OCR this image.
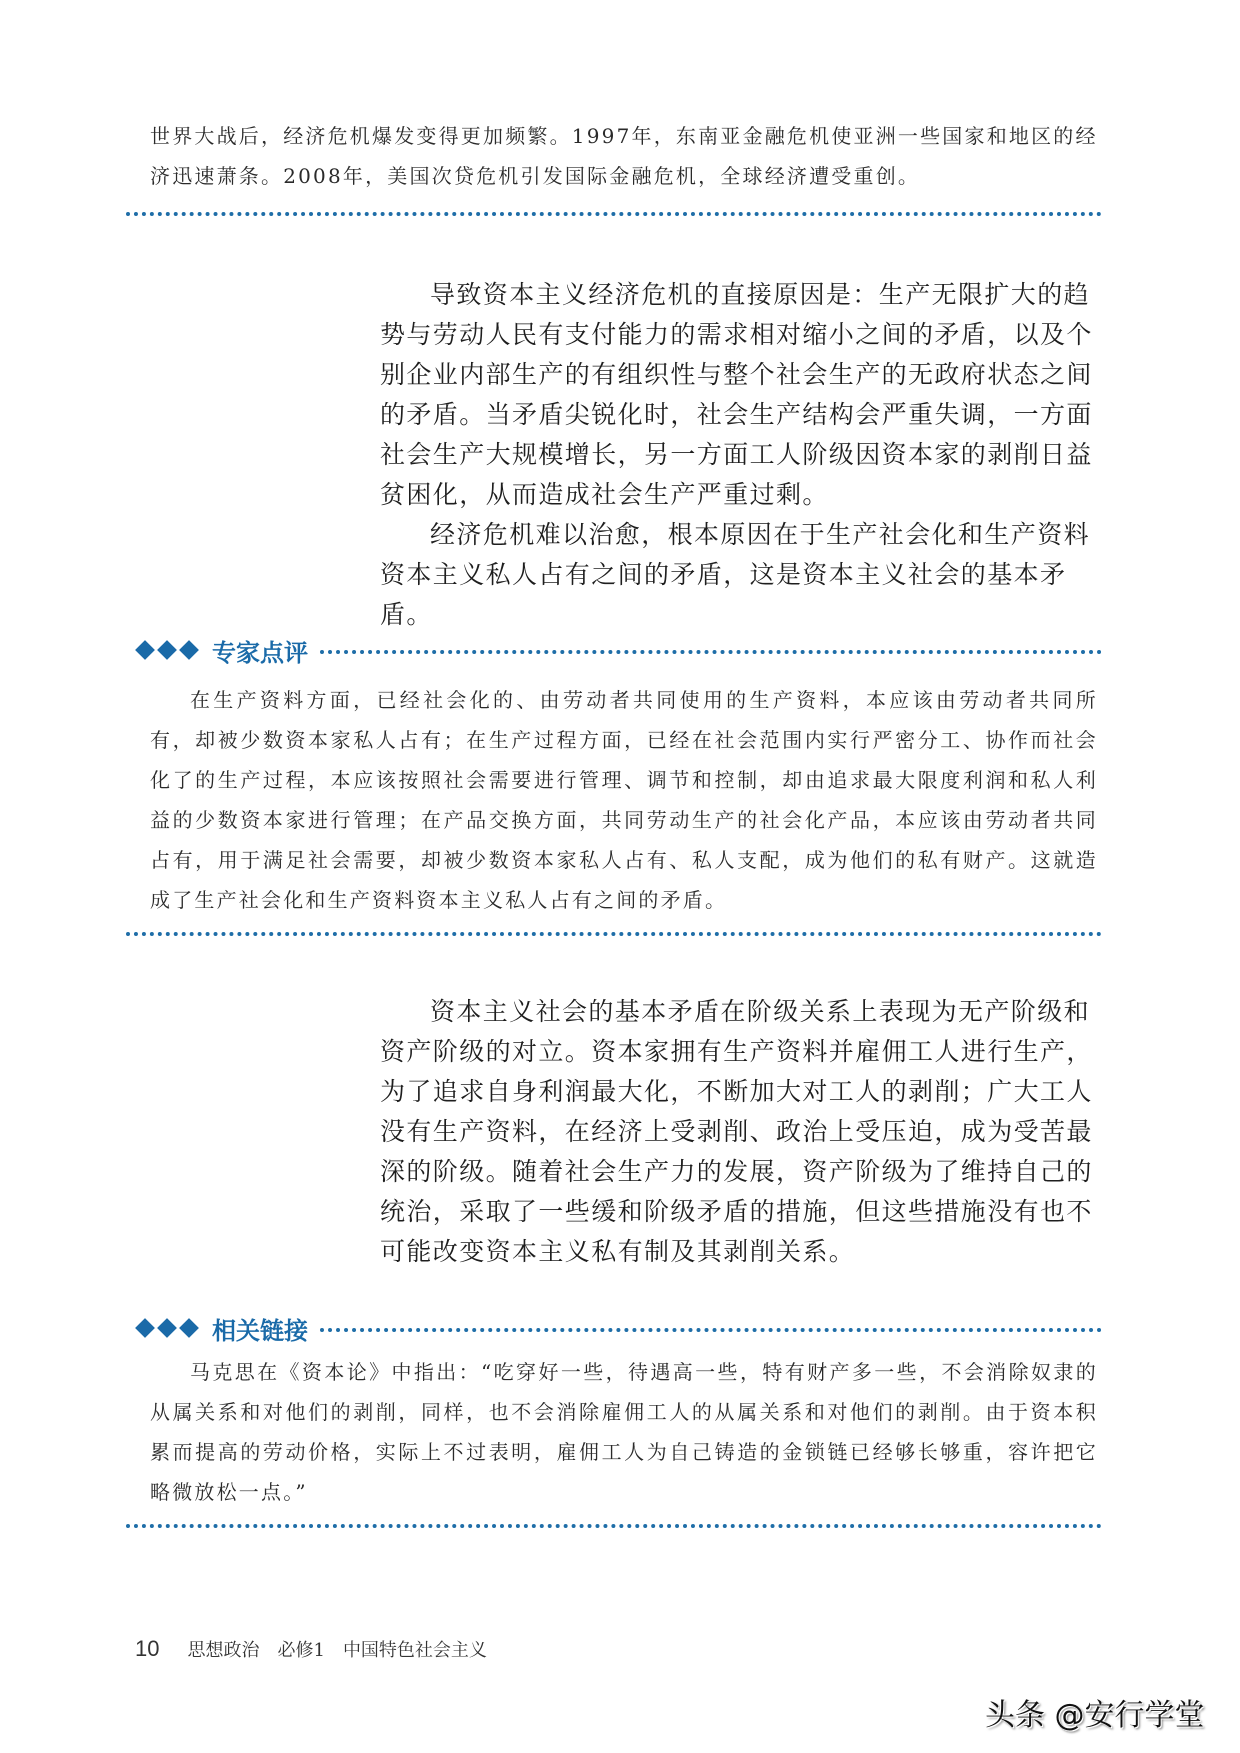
世界大战后，经济危机爆发变得更加频繁。1997年，东南亚金融危机使亚洲一些国家和地区的经
济迅速萧条。2008年，美国次贷危机引发国际金融危机，全球经济遭受重创。

导致资本主义经济危机的直接原因是：生产无限扩大的趋势与劳动人民有支付能力的需求相对缩小之间的矛盾，以及个别企业内部生产的有组织性与整个社会生产的无政府状态之间的矛盾。当矛盾尖锐化时，社会生产结构会严重失调，一方面社会生产大规模增长，另一方面工人阶级因资本家的剥削日益贫困化，从而造成社会生产严重过剩。

经济危机难以治愈，根本原因在于生产社会化和生产资料资本主义私人占有之间的矛盾，这是资本主义社会的基本矛盾。

专家点评
在生产资料方面，已经社会化的、由劳动者共同使用的生产资料，本应该由劳动者共同所有，却被少数资本家私人占有；在生产过程方面，已经在社会范围内实行严密分工、协作而社会化了的生产过程，本应该按照社会需要进行管理、调节和控制，却由追求最大限度利润和私人利益的少数资本家进行管理；在产品交换方面，共同劳动生产的社会化产品，本应该由劳动者共同占有，用于满足社会需要，却被少数资本家私人占有、私人支配，成为他们的私有财产。这就造成了生产社会化和生产资料资本主义私人占有之间的矛盾。

资本主义社会的基本矛盾在阶级关系上表现为无产阶级和资产阶级的对立。资本家拥有生产资料并雇佣工人进行生产，为了追求自身利润最大化，不断加大对工人的剥削；广大工人没有生产资料，在经济上受剥削、政治上受压迫，成为受苦最深的阶级。随着社会生产力的发展，资产阶级为了维持自己的统治，采取了一些缓和阶级矛盾的措施，但这些措施没有也不可能改变资本主义私有制及其剥削关系。

相关链接
马克思在《资本论》中指出：“吃穿好一些，待遇高一些，特有财产多一些，不会消除奴隶的从属关系和对他们的剥削，同样，也不会消除雇佣工人的从属关系和对他们的剥削。由于资本积累而提高的劳动价格，实际上不过表明，雇佣工人为自己铸造的金锁链已经够长够重，容许把它略微放松一点。”
10 思想政治 必修1 中国特色社会主义
头条 @安行学堂
